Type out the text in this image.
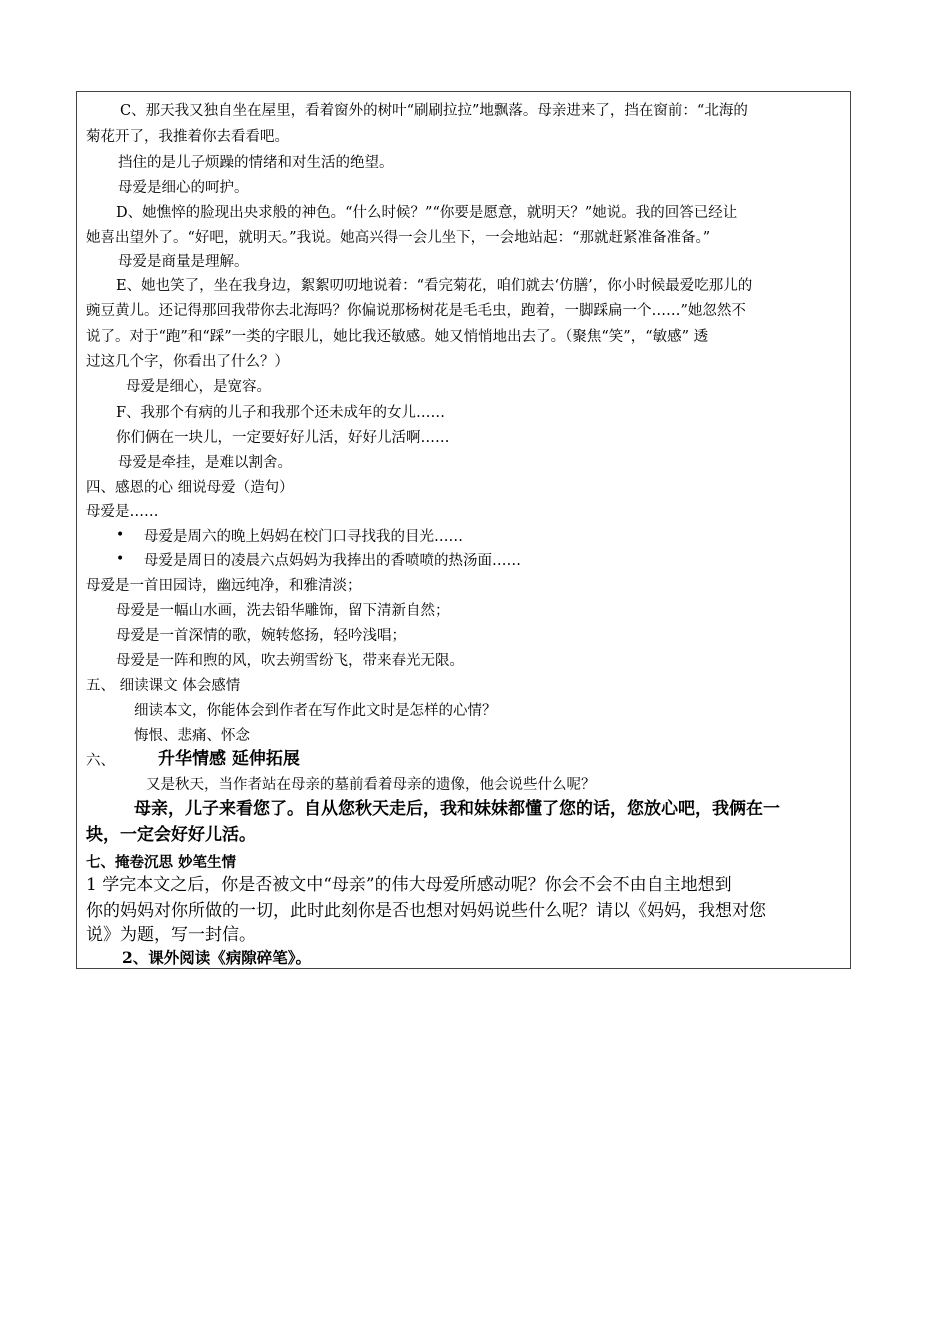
C、那天我又独自坐在屋里，看着窗外的树叶“刷刷拉拉”地飘落。母亲进来了，挡在窗前：“北海的
菊花开了，我推着你去看看吧。
挡住的是儿子烦躁的情绪和对生活的绝望。
母爱是细心的呵护。
D、她憔悴的脸现出央求般的神色。“什么时候？”“你要是愿意，就明天？”她说。我的回答已经让
她喜出望外了。“好吧，就明天。”我说。她高兴得一会儿坐下，一会地站起：“那就赶紧准备准备。”
母爱是商量是理解。
E、她也笑了，坐在我身边，絮絮叨叨地说着：“看完菊花，咱们就去‘仿膳’，你小时候最爱吃那儿的
豌豆黄儿。还记得那回我带你去北海吗？你偏说那杨树花是毛毛虫，跑着，一脚踩扁一个……”她忽然不
说了。对于“跑”和“踩”一类的字眼儿，她比我还敏感。她又悄悄地出去了。（聚焦“笑”，“敏感” 透
过这几个字，你看出了什么？）
母爱是细心，是宽容。
F、我那个有病的儿子和我那个还未成年的女儿……
你们俩在一块儿，一定要好好儿活，好好儿活啊……
母爱是牵挂，是难以割舍。
四、感恩的心 细说母爱（造句）
母爱是……
• 母爱是周六的晚上妈妈在校门口寻找我的目光……
• 母爱是周日的凌晨六点妈妈为我捧出的香喷喷的热汤面……
母爱是一首田园诗，幽远纯净，和雅清淡；
母爱是一幅山水画，洗去铅华雕饰，留下清新自然；
母爱是一首深情的歌，婉转悠扬，轻吟浅唱；
母爱是一阵和煦的风，吹去朔雪纷飞，带来春光无限。
五、 细读课文 体会感情
细读本文，你能体会到作者在写作此文时是怎样的心情？
悔恨、悲痛、怀念
六、	升华情感 延伸拓展
又是秋天，当作者站在母亲的墓前看着母亲的遗像，他会说些什么呢？
母亲，儿子来看您了。自从您秋天走后，我和妹妹都懂了您的话，您放心吧，我俩在一
块，一定会好好儿活。
七、掩卷沉思 妙笔生情
1 学完本文之后，你是否被文中“母亲”的伟大母爱所感动呢？你会不会不由自主地想到
你的妈妈对你所做的一切，此时此刻你是否也想对妈妈说些什么呢？请以《妈妈，我想对您
说》为题，写一封信。
2、课外阅读《病隙碎笔》。
